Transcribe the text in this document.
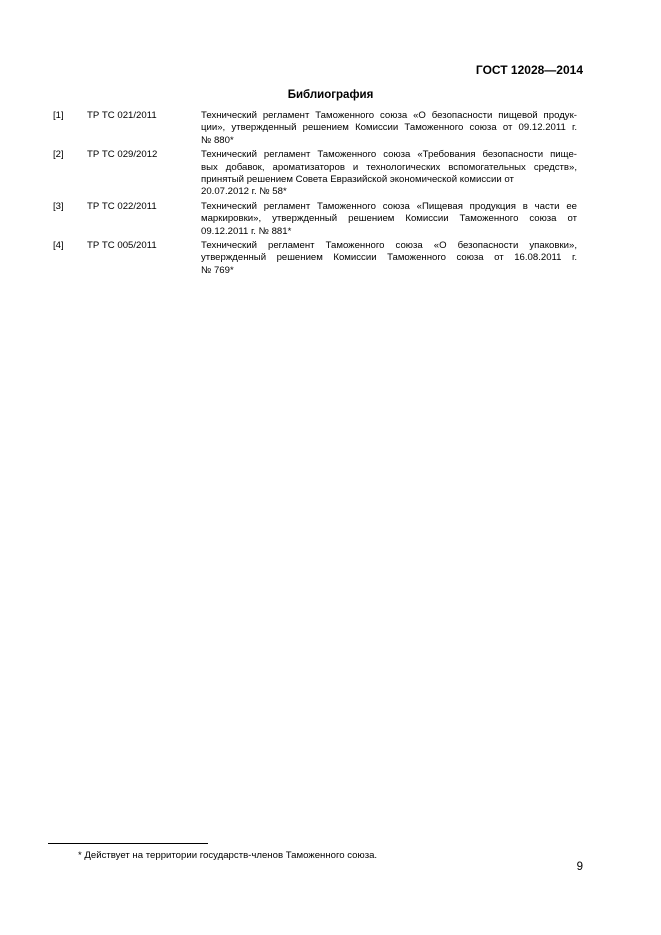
ГОСТ 12028—2014
Библиография
[1]	ТР ТС 021/2011	Технический регламент Таможенного союза «О безопасности пищевой продук-
ции», утвержденный решением Комиссии Таможенного союза от 09.12.2011 г.
№ 880*
[2]	ТР ТС 029/2012	Технический регламент Таможенного союза «Требования безопасности пище-
вых добавок, ароматизаторов и технологических вспомогательных средств»,
принятый решением Совета Евразийской экономической комиссии от
20.07.2012 г. № 58*
[3]	ТР ТС 022/2011	Технический регламент Таможенного союза «Пищевая продукция в части ее
маркировки», утвержденный решением Комиссии Таможенного союза от
09.12.2011 г. № 881*
[4]	ТР ТС 005/2011	Технический регламент Таможенного союза «О безопасности упаковки»,
утвержденный решением Комиссии Таможенного союза от 16.08.2011 г.
№ 769*
* Действует на территории государств-членов Таможенного союза.
9
